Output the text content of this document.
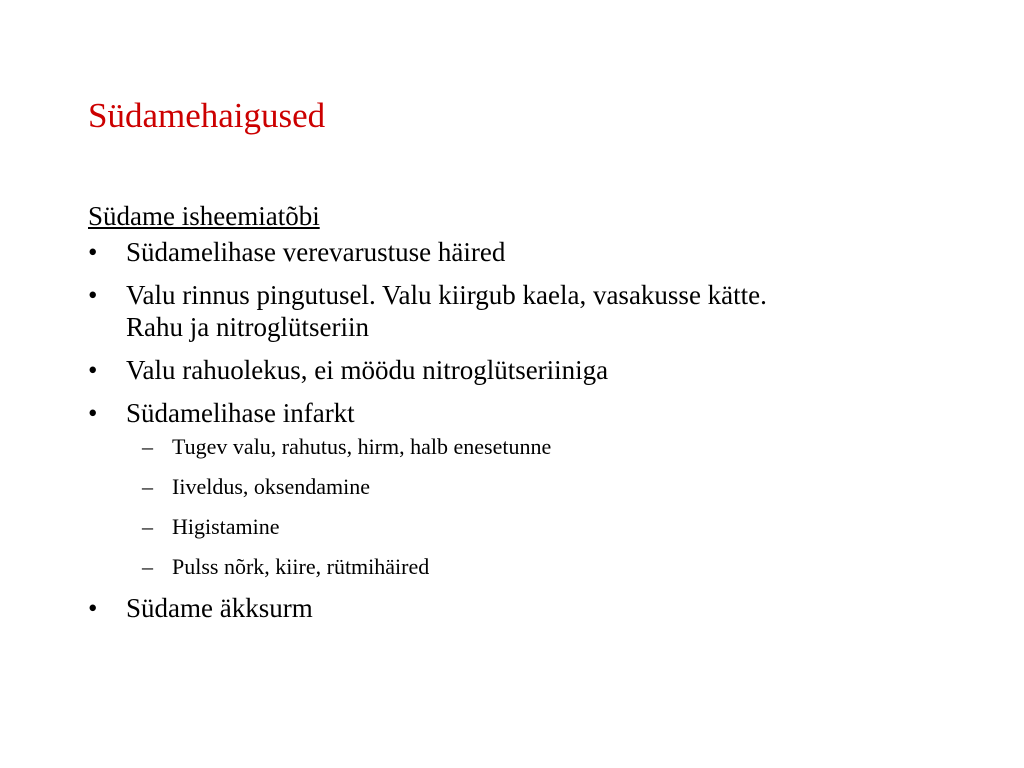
Südamehaigused
Südame isheemiatõbi
•	Südamelihase verevarustuse häired
•	Valu rinnus pingutusel. Valu kiirgub kaela, vasakusse kätte.
Rahu ja nitroglütseriin
•	Valu rahuolekus, ei möödu nitroglütseriiniga
•	Südamelihase infarkt
– Tugev valu, rahutus, hirm, halb enesetunne
– Iiveldus, oksendamine
– Higistamine
– Pulss nõrk, kiire, rütmihäired
•	Südame äkksurm
